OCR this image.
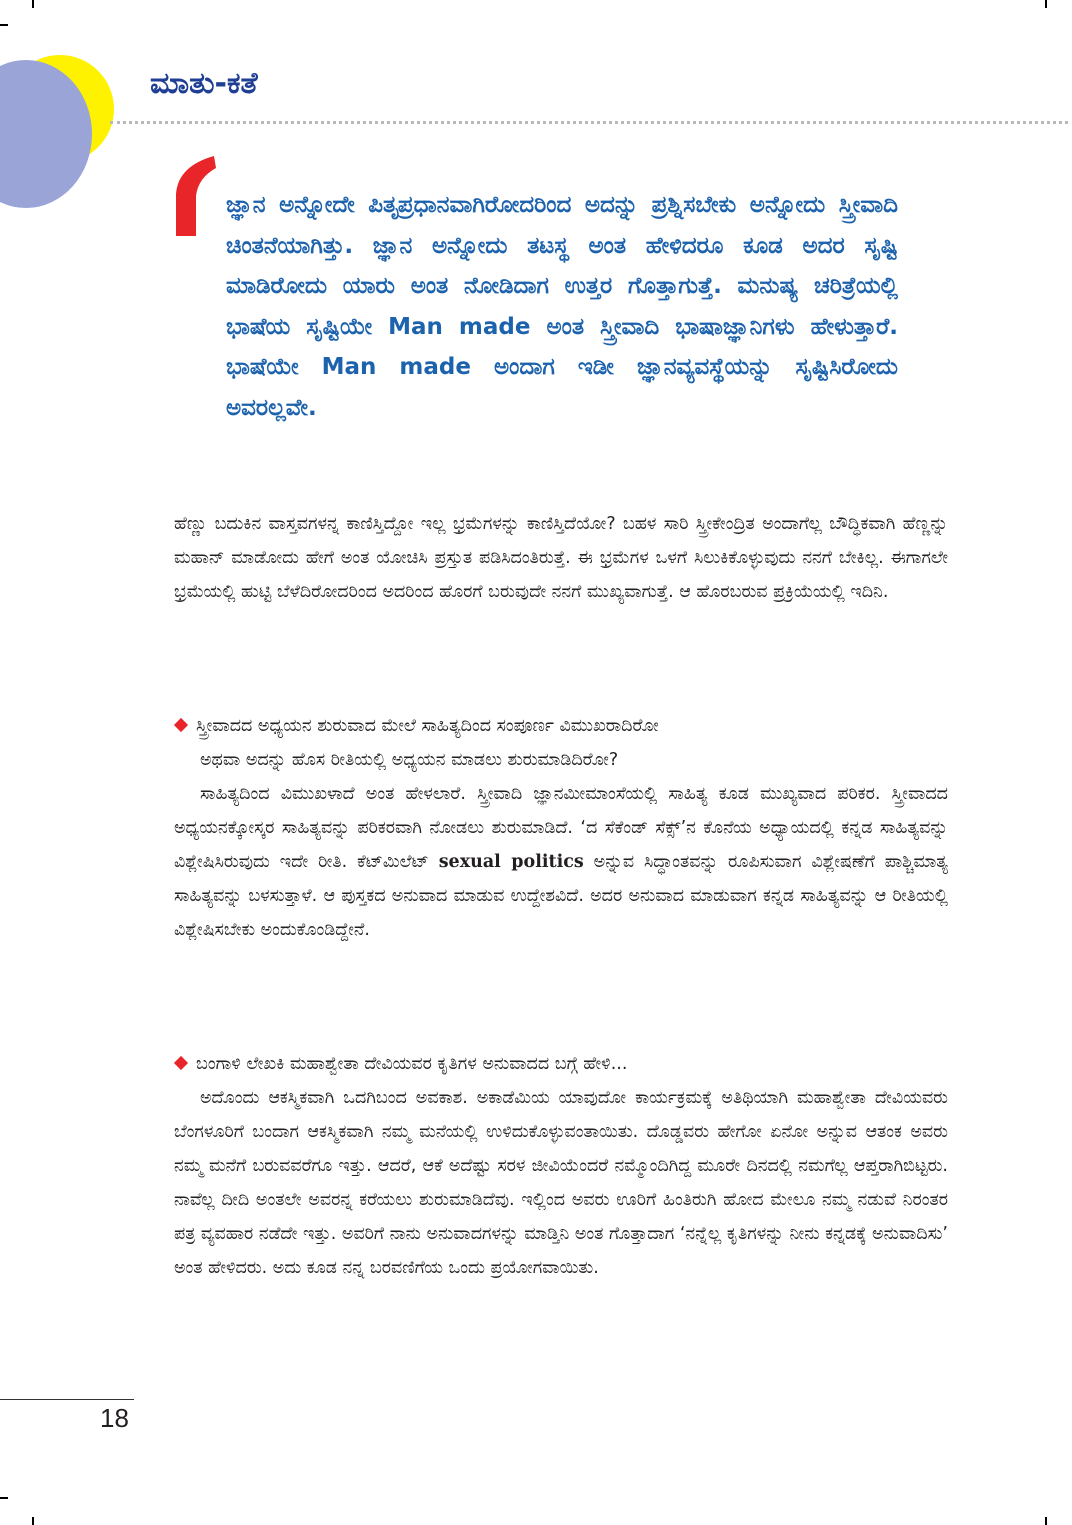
ಮಾತು-ಕತೆ

ಜ್ಞಾನ ಅನ್ನೋದೇ ಪಿತೃಪ್ರಧಾನವಾಗಿರೋದರಿಂದ ಅದನ್ನು ಪ್ರಶ್ನಿಸಬೇಕು ಅನ್ನೋದು ಸ್ತ್ರೀವಾದಿ ಚಿಂತನೆಯಾಗಿತ್ತು. ಜ್ಞಾನ ಅನ್ನೋದು ತಟಸ್ಥ ಅಂತ ಹೇಳಿದರೂ ಕೂಡ ಅದರ ಸೃಷ್ಟಿ ಮಾಡಿರೋದು ಯಾರು ಅಂತ ನೋಡಿದಾಗ ಉತ್ತರ ಗೊತ್ತಾಗುತ್ತೆ. ಮನುಷ್ಯ ಚರಿತ್ರೆಯಲ್ಲಿ ಭಾಷೆಯ ಸೃಷ್ಟಿಯೇ Man made ಅಂತ ಸ್ತ್ರೀವಾದಿ ಭಾಷಾಜ್ಞಾನಿಗಳು ಹೇಳುತ್ತಾರೆ. ಭಾಷೆಯೇ Man made ಅಂದಾಗ ಇಡೀ ಜ್ಞಾನವ್ಯವಸ್ಥೆಯನ್ನು ಸೃಷ್ಟಿಸಿರೋದು ಅವರಲ್ಲವೇ.

ಹೆಣ್ಣು ಬದುಕಿನ ವಾಸ್ತವಗಳನ್ನ ಕಾಣಿಸ್ತಿದ್ದೋ ಇಲ್ಲ ಭ್ರಮೆಗಳನ್ನು ಕಾಣಿಸ್ತಿದೆಯೋ? ಬಹಳ ಸಾರಿ ಸ್ತ್ರೀಕೇಂದ್ರಿತ ಅಂದಾಗೆಲ್ಲ ಬೌದ್ಧಿಕವಾಗಿ ಹೆಣ್ಣನ್ನು ಮಹಾನ್ ಮಾಡೋದು ಹೇಗೆ ಅಂತ ಯೋಚಿಸಿ ಪ್ರಸ್ತುತ ಪಡಿಸಿದಂತಿರುತ್ತೆ. ಈ ಭ್ರಮೆಗಳ ಒಳಗೆ ಸಿಲುಕಿಕೊಳ್ಳುವುದು ನನಗೆ ಬೇಕಿಲ್ಲ. ಈಗಾಗಲೇ ಭ್ರಮೆಯಲ್ಲಿ ಹುಟ್ಟಿ ಬೆಳೆದಿರೋದರಿಂದ ಅದರಿಂದ ಹೊರಗೆ ಬರುವುದೇ ನನಗೆ ಮುಖ್ಯವಾಗುತ್ತೆ. ಆ ಹೊರಬರುವ ಪ್ರಕ್ರಿಯೆಯಲ್ಲಿ ಇದಿನಿ.

ಸ್ತ್ರೀವಾದದ ಅಧ್ಯಯನ ಶುರುವಾದ ಮೇಲೆ ಸಾಹಿತ್ಯದಿಂದ ಸಂಪೂರ್ಣ ವಿಮುಖರಾದಿರೋ
ಅಥವಾ ಅದನ್ನು ಹೊಸ ರೀತಿಯಲ್ಲಿ ಅಧ್ಯಯನ ಮಾಡಲು ಶುರುಮಾಡಿದಿರೋ?

ಸಾಹಿತ್ಯದಿಂದ ವಿಮುಖಳಾದೆ ಅಂತ ಹೇಳಲಾರೆ. ಸ್ತ್ರೀವಾದಿ ಜ್ಞಾನಮೀಮಾಂಸೆಯಲ್ಲಿ ಸಾಹಿತ್ಯ ಕೂಡ ಮುಖ್ಯವಾದ ಪರಿಕರ. ಸ್ತ್ರೀವಾದದ ಅಧ್ಯಯನಕ್ಕೋಸ್ಕರ ಸಾಹಿತ್ಯವನ್ನು ಪರಿಕರವಾಗಿ ನೋಡಲು ಶುರುಮಾಡಿದೆ. ‘ದ ಸೆಕೆಂಡ್ ಸೆಕ್ಸ್’ನ ಕೊನೆಯ ಅಧ್ಯಾಯದಲ್ಲಿ ಕನ್ನಡ ಸಾಹಿತ್ಯವನ್ನು ವಿಶ್ಲೇಷಿಸಿರುವುದು ಇದೇ ರೀತಿ. ಕೆಟ್‌ಮಿಲೆಟ್ sexual politics ಅನ್ನುವ ಸಿದ್ಧಾಂತವನ್ನು ರೂಪಿಸುವಾಗ ವಿಶ್ಲೇಷಣೆಗೆ ಪಾಶ್ಚಿಮಾತ್ಯ ಸಾಹಿತ್ಯವನ್ನು ಬಳಸುತ್ತಾಳೆ. ಆ ಪುಸ್ತಕದ ಅನುವಾದ ಮಾಡುವ ಉದ್ದೇಶವಿದೆ. ಅದರ ಅನುವಾದ ಮಾಡುವಾಗ ಕನ್ನಡ ಸಾಹಿತ್ಯವನ್ನು ಆ ರೀತಿಯಲ್ಲಿ ವಿಶ್ಲೇಷಿಸಬೇಕು ಅಂದುಕೊಂಡಿದ್ದೇನೆ.

ಬಂಗಾಳಿ ಲೇಖಕಿ ಮಹಾಶ್ವೇತಾ ದೇವಿಯವರ ಕೃತಿಗಳ ಅನುವಾದದ ಬಗ್ಗೆ ಹೇಳಿ...

ಅದೊಂದು ಆಕಸ್ಮಿಕವಾಗಿ ಒದಗಿಬಂದ ಅವಕಾಶ. ಅಕಾಡೆಮಿಯ ಯಾವುದೋ ಕಾರ್ಯಕ್ರಮಕ್ಕೆ ಅತಿಥಿಯಾಗಿ ಮಹಾಶ್ವೇತಾ ದೇವಿಯವರು ಬೆಂಗಳೂರಿಗೆ ಬಂದಾಗ ಆಕಸ್ಮಿಕವಾಗಿ ನಮ್ಮ ಮನೆಯಲ್ಲಿ ಉಳಿದುಕೊಳ್ಳುವಂತಾಯಿತು. ದೊಡ್ಡವರು ಹೇಗೋ ಏನೋ ಅನ್ನುವ ಆತಂಕ ಅವರು ನಮ್ಮ ಮನೆಗೆ ಬರುವವರೆಗೂ ಇತ್ತು. ಆದರೆ, ಆಕೆ ಅದೆಷ್ಟು ಸರಳ ಜೀವಿಯೆಂದರೆ ನಮ್ಮೊಂದಿಗಿದ್ದ ಮೂರೇ ದಿನದಲ್ಲಿ ನಮಗೆಲ್ಲ ಆಪ್ತರಾಗಿಬಿಟ್ಟರು. ನಾವೆಲ್ಲ ದೀದಿ ಅಂತಲೇ ಅವರನ್ನ ಕರೆಯಲು ಶುರುಮಾಡಿದೆವು. ಇಲ್ಲಿಂದ ಅವರು ಊರಿಗೆ ಹಿಂತಿರುಗಿ ಹೋದ ಮೇಲೂ ನಮ್ಮ ನಡುವೆ ನಿರಂತರ ಪತ್ರ ವ್ಯವಹಾರ ನಡೆದೇ ಇತ್ತು. ಅವರಿಗೆ ನಾನು ಅನುವಾದಗಳನ್ನು ಮಾಡ್ತಿನಿ ಅಂತ ಗೊತ್ತಾದಾಗ ‘ನನ್ನೆಲ್ಲ ಕೃತಿಗಳನ್ನು ನೀನು ಕನ್ನಡಕ್ಕೆ ಅನುವಾದಿಸು’ ಅಂತ ಹೇಳಿದರು. ಅದು ಕೂಡ ನನ್ನ ಬರವಣಿಗೆಯ ಒಂದು ಪ್ರಯೋಗವಾಯಿತು.

18
